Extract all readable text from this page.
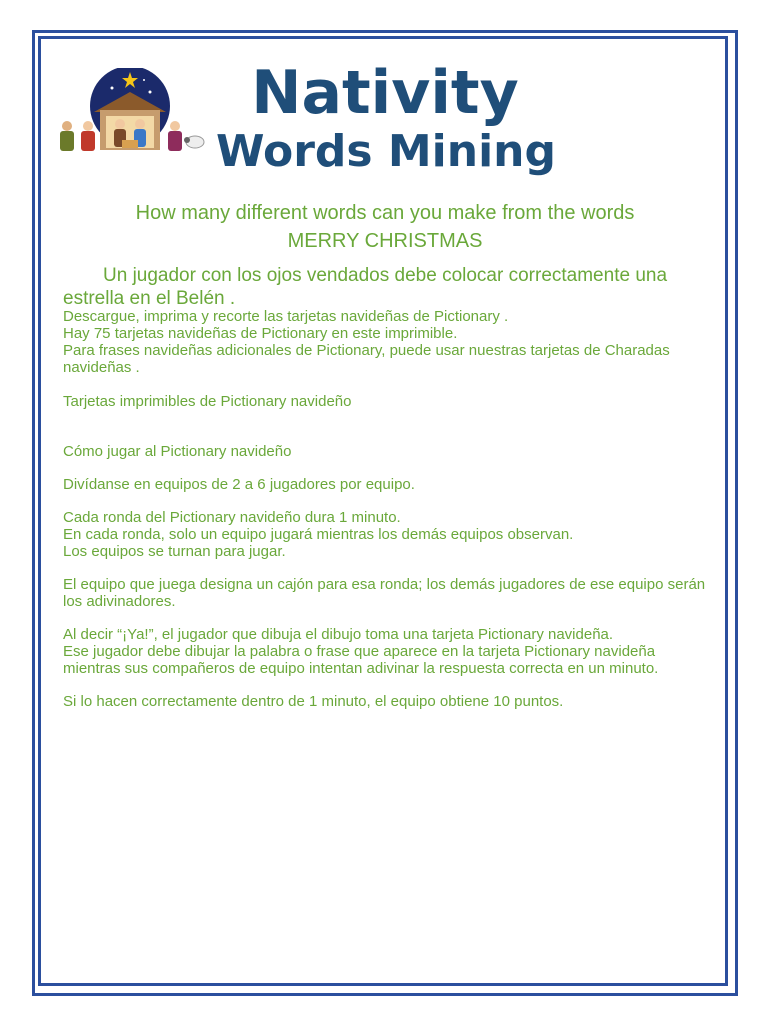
Nativity
Words Mining
How many different words can you make from the words
MERRY CHRISTMAS

Un jugador con los ojos vendados debe colocar correctamente una estrella en el Belén .

Descargue, imprima y recorte las tarjetas navideñas de Pictionary .

Hay 75 tarjetas navideñas de Pictionary en este imprimible.

Para frases navideñas adicionales de Pictionary, puede usar nuestras tarjetas de Charadas navideñas .

Tarjetas imprimibles de Pictionary navideño

Cómo jugar al Pictionary navideño

Divídanse en equipos de 2 a 6 jugadores por equipo.

Cada ronda del Pictionary navideño dura 1 minuto.

En cada ronda, solo un equipo jugará mientras los demás equipos observan.

Los equipos se turnan para jugar.

El equipo que juega designa un cajón para esa ronda; los demás jugadores de ese equipo serán los adivinadores.

Al decir “¡Ya!”, el jugador que dibuja el dibujo toma una tarjeta Pictionary navideña.

Ese jugador debe dibujar la palabra o frase que aparece en la tarjeta Pictionary navideña mientras sus compañeros de equipo intentan adivinar la respuesta correcta en un minuto.

Si lo hacen correctamente dentro de 1 minuto, el equipo obtiene 10 puntos.
